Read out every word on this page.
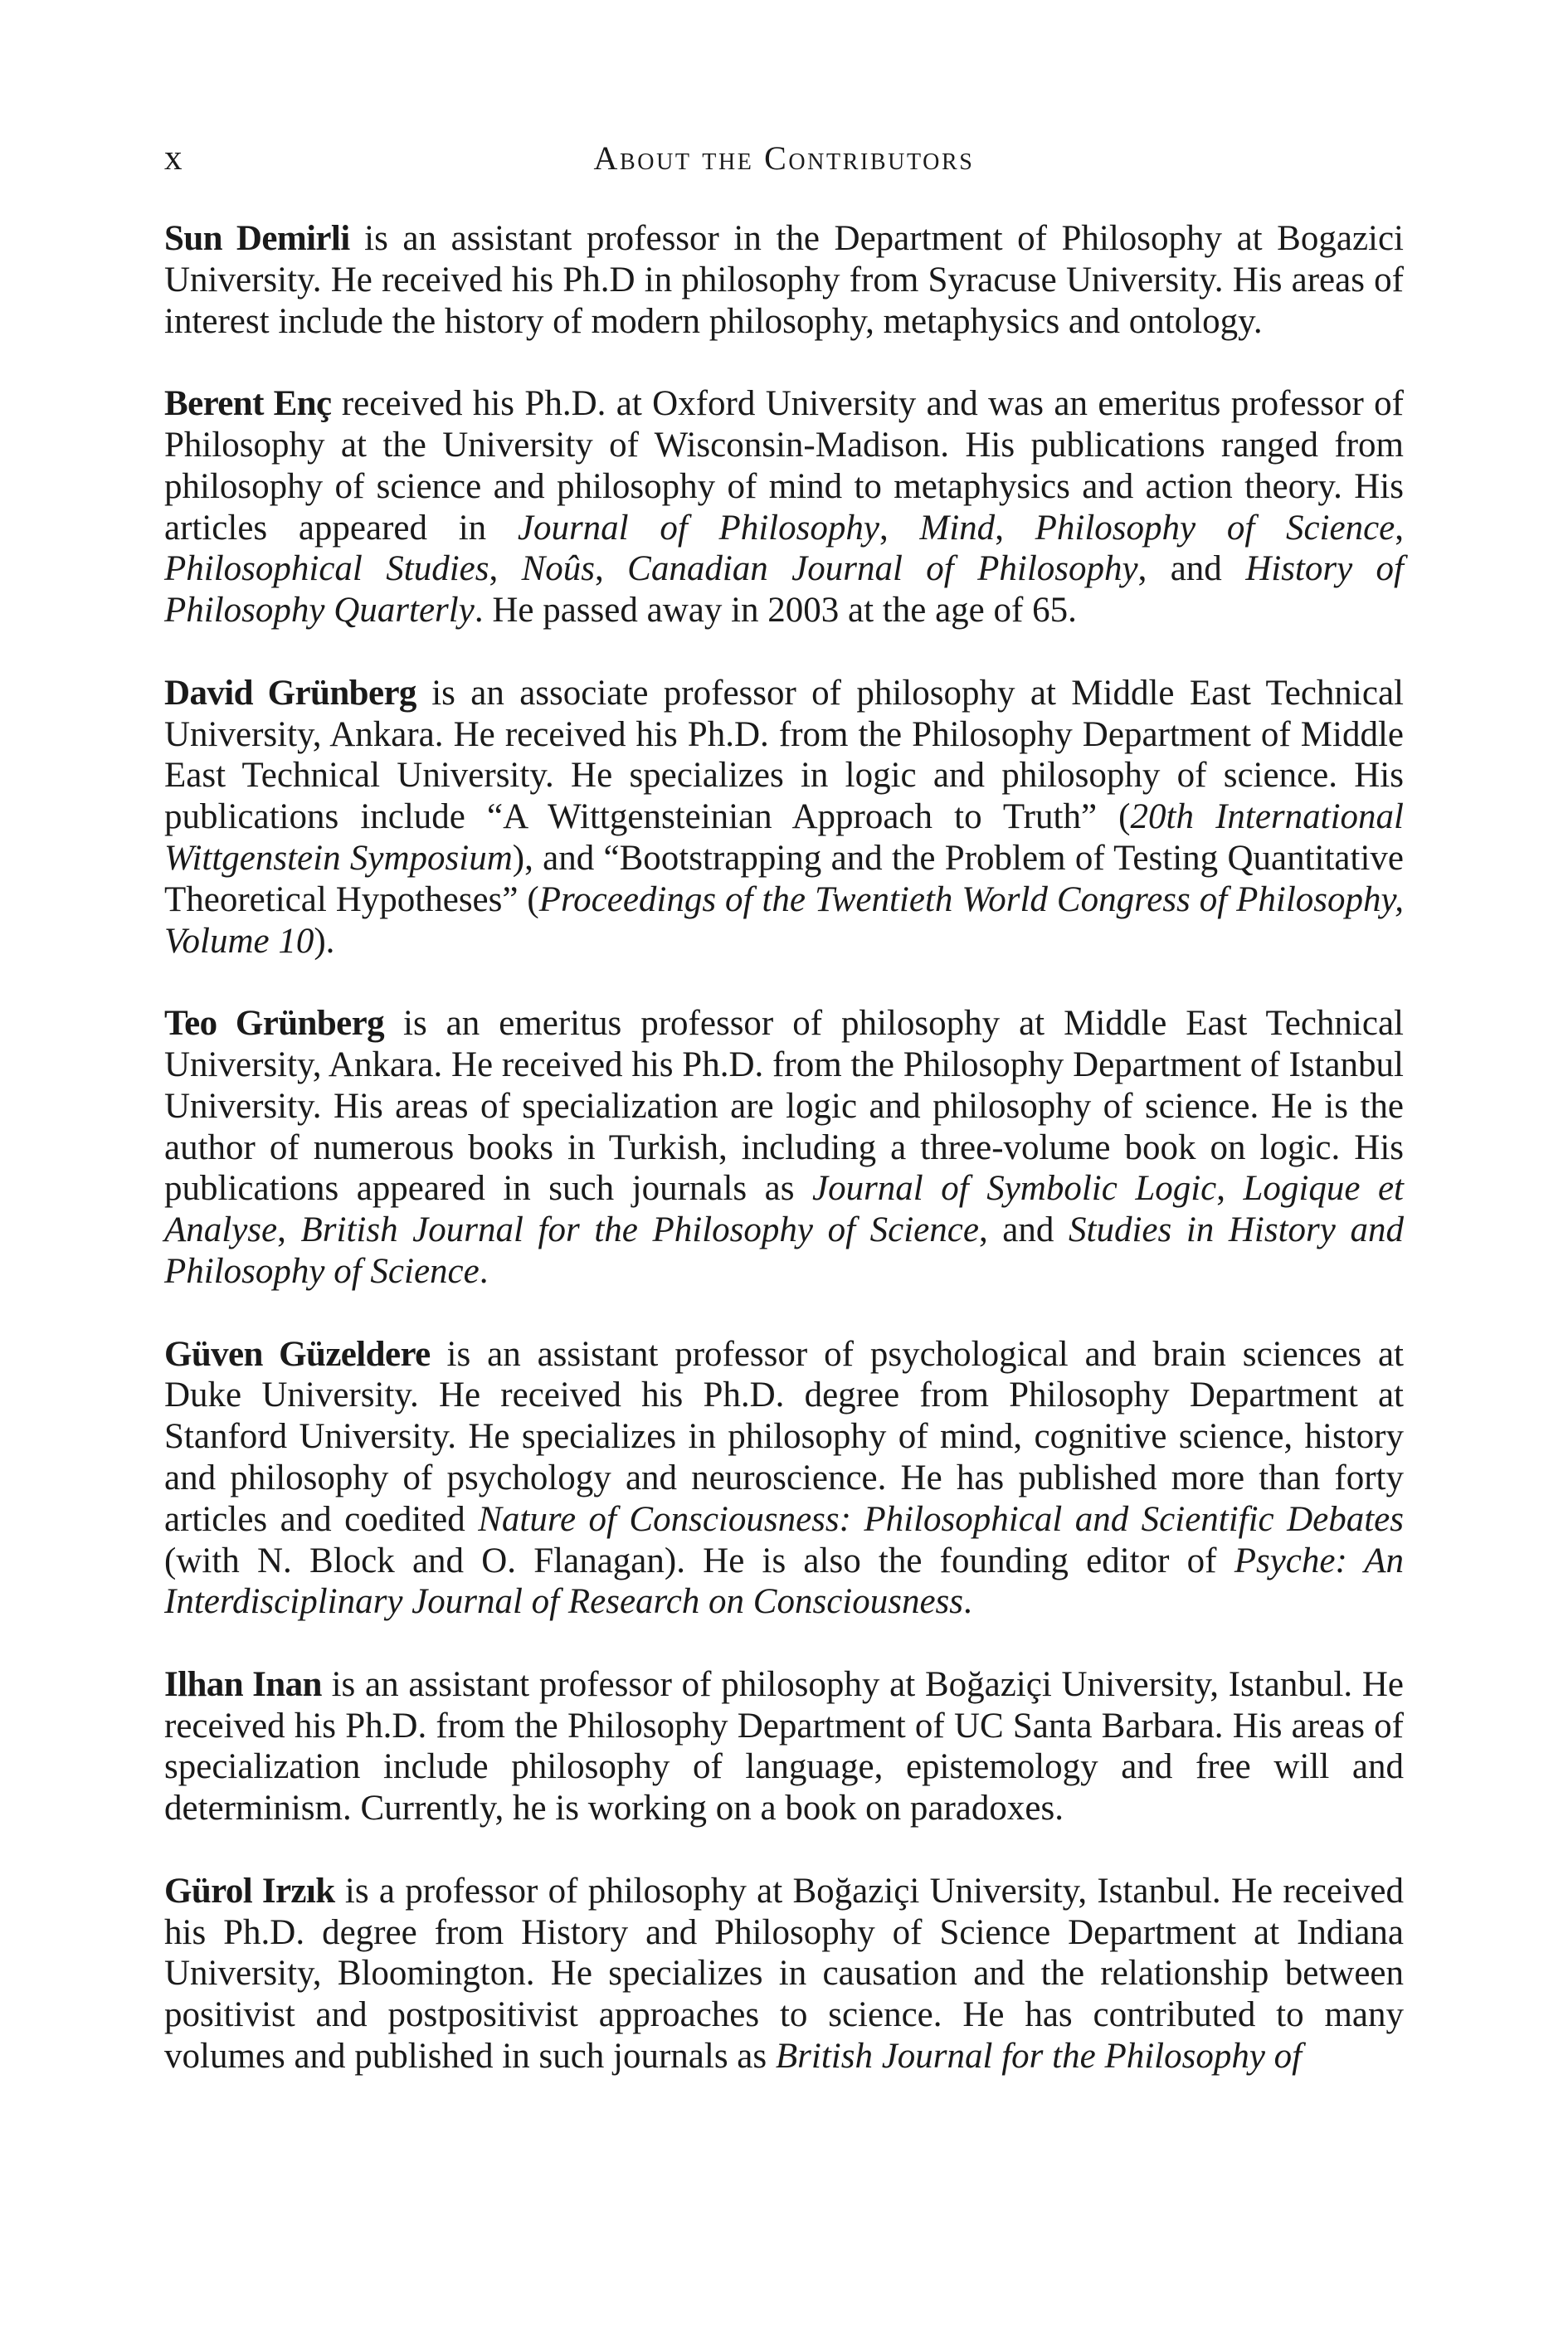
x	About the Contributors

Sun Demirli is an assistant professor in the Department of Philosophy at Bogazici University. He received his Ph.D in philosophy from Syracuse University. His areas of interest include the history of modern philosophy, metaphysics and ontology.

Berent Enç received his Ph.D. at Oxford University and was an emeritus professor of Philosophy at the University of Wisconsin-Madison. His publications ranged from philosophy of science and philosophy of mind to metaphysics and action theory. His articles appeared in Journal of Philosophy, Mind, Philosophy of Science, Philosophical Studies, Noûs, Canadian Journal of Philosophy, and History of Philosophy Quarterly. He passed away in 2003 at the age of 65.

David Grünberg is an associate professor of philosophy at Middle East Technical University, Ankara. He received his Ph.D. from the Philosophy Department of Middle East Technical University. He specializes in logic and philosophy of science. His publications include “A Wittgensteinian Approach to Truth” (20th International Wittgenstein Symposium), and “Bootstrapping and the Problem of Testing Quantitative Theoretical Hypotheses” (Proceedings of the Twentieth World Congress of Philosophy, Volume 10).

Teo Grünberg is an emeritus professor of philosophy at Middle East Technical University, Ankara. He received his Ph.D. from the Philosophy Department of Istanbul University. His areas of specialization are logic and philosophy of science. He is the author of numerous books in Turkish, including a three-volume book on logic. His publications appeared in such journals as Journal of Symbolic Logic, Logique et Analyse, British Journal for the Philosophy of Science, and Studies in History and Philosophy of Science.

Güven Güzeldere is an assistant professor of psychological and brain sciences at Duke University. He received his Ph.D. degree from Philosophy Department at Stanford University. He specializes in philosophy of mind, cognitive science, history and philosophy of psychology and neuroscience. He has published more than forty articles and coedited Nature of Consciousness: Philosophical and Scientific Debates (with N. Block and O. Flanagan). He is also the founding editor of Psyche: An Interdisciplinary Journal of Research on Consciousness.

Ilhan Inan is an assistant professor of philosophy at Boğaziçi University, Istanbul. He received his Ph.D. from the Philosophy Department of UC Santa Barbara. His areas of specialization include philosophy of language, epistemology and free will and determinism. Currently, he is working on a book on paradoxes.

Gürol Irzık is a professor of philosophy at Boğaziçi University, Istanbul. He received his Ph.D. degree from History and Philosophy of Science Department at Indiana University, Bloomington. He specializes in causation and the relationship between positivist and postpositivist approaches to science. He has contributed to many volumes and published in such journals as British Journal for the Philosophy of
